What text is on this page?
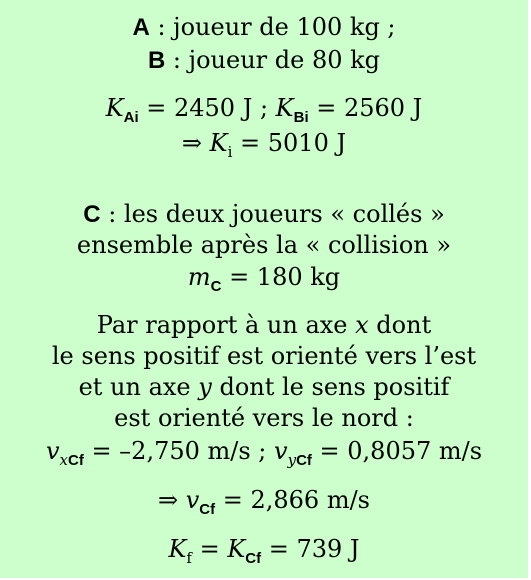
A : joueur de 100 kg ;
B : joueur de 80 kg
$K_{Ai} = 2450$ J ; $K_{Bi} = 2560$ J
⇒ $K_i = 5010$ J
C : les deux joueurs « collés »
ensemble après la « collision »
$m_C = 180$ kg
Par rapport à un axe x dont
le sens positif est orienté vers l’est
et un axe y dont le sens positif
est orienté vers le nord :
$v_{xCf} = -2,750$ m/s ; $v_{yCf} = 0,8057$ m/s
⇒ $v_{Cf} = 2,866$ m/s
$K_f = K_{Cf} = 739$ J
